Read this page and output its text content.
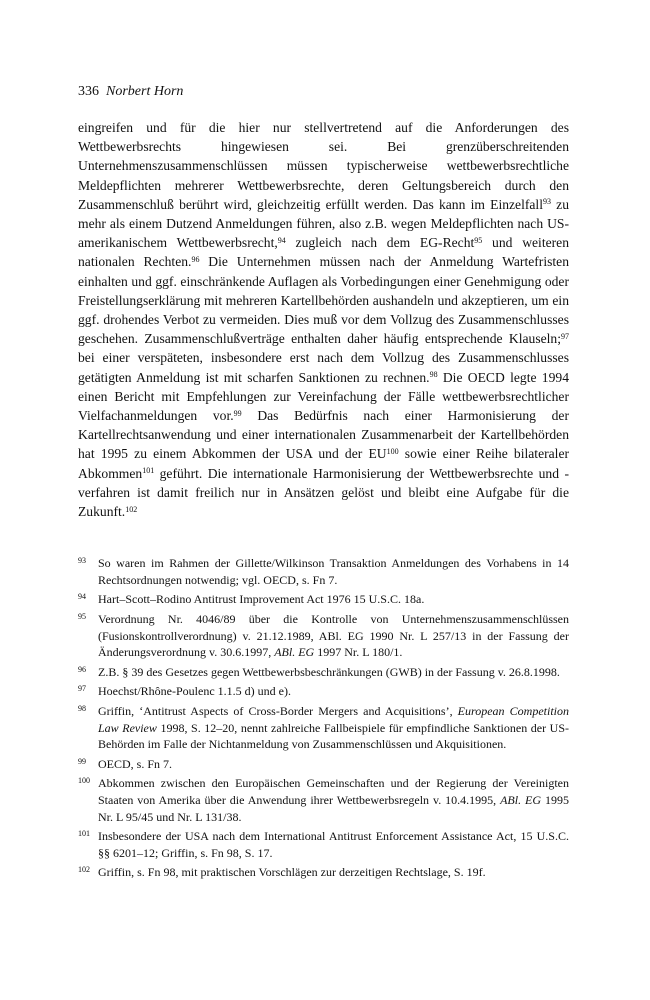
336 Norbert Horn

eingreifen und für die hier nur stellvertretend auf die Anforderungen des Wettbewerbsrechts hingewiesen sei. Bei grenzüberschreitenden Unternehmenszusammenschlüssen müssen typischerweise wettbewerbsrechtliche Meldepflichten mehrerer Wettbewerbsrechte, deren Geltungsbereich durch den Zusammenschluß berührt wird, gleichzeitig erfüllt werden. Das kann im Einzelfall$^{93}$ zu mehr als einem Dutzend Anmeldungen führen, also z.B. wegen Meldepflichten nach US-amerikanischem Wettbewerbsrecht,$^{94}$ zugleich nach dem EG-Recht$^{95}$ und weiteren nationalen Rechten.$^{96}$ Die Unternehmen müssen nach der Anmeldung Wartefristen einhalten und ggf. einschränkende Auflagen als Vorbedingungen einer Genehmigung oder Freistellungserklärung mit mehreren Kartellbehörden aushandeln und akzeptieren, um ein ggf. drohendes Verbot zu vermeiden. Dies muß vor dem Vollzug des Zusammenschlusses geschehen. Zusammenschlußverträge enthalten daher häufig entsprechende Klauseln;$^{97}$ bei einer verspäteten, insbesondere erst nach dem Vollzug des Zusammenschlusses getätigten Anmeldung ist mit scharfen Sanktionen zu rechnen.$^{98}$ Die OECD legte 1994 einen Bericht mit Empfehlungen zur Vereinfachung der Fälle wettbewerbsrechtlicher Vielfachanmeldungen vor.$^{99}$ Das Bedürfnis nach einer Harmonisierung der Kartellrechtsanwendung und einer internationalen Zusammenarbeit der Kartellbehörden hat 1995 zu einem Abkommen der USA und der EU$^{100}$ sowie einer Reihe bilateraler Abkommen$^{101}$ geführt. Die internationale Harmonisierung der Wettbewerbsrechte und -verfahren ist damit freilich nur in Ansätzen gelöst und bleibt eine Aufgabe für die Zukunft.$^{102}$

93	So waren im Rahmen der Gillette/Wilkinson Transaktion Anmeldungen des Vorhabens in 14 Rechtsordnungen notwendig; vgl. OECD, s. Fn 7.
94	Hart–Scott–Rodino Antitrust Improvement Act 1976 15 U.S.C. 18a.
95	Verordnung Nr. 4046/89 über die Kontrolle von Unternehmenszusammenschlüssen (Fusionskontrollverordnung) v. 21.12.1989, ABl. EG 1990 Nr. L 257/13 in der Fassung der Änderungsverordnung v. 30.6.1997, ABl. EG 1997 Nr. L 180/1.
96	Z.B. § 39 des Gesetzes gegen Wettbewerbsbeschränkungen (GWB) in der Fassung v. 26.8.1998.
97	Hoechst/Rhône-Poulenc 1.1.5 d) und e).
98	Griffin, ‘Antitrust Aspects of Cross-Border Mergers and Acquisitions’, European Competition Law Review 1998, S. 12–20, nennt zahlreiche Fallbeispiele für empfindliche Sanktionen der US-Behörden im Falle der Nichtanmeldung von Zusammenschlüssen und Akquisitionen.
99	OECD, s. Fn 7.
100 Abkommen zwischen den Europäischen Gemeinschaften und der Regierung der Vereinigten Staaten von Amerika über die Anwendung ihrer Wettbewerbsregeln v. 10.4.1995, ABl. EG 1995 Nr. L 95/45 und Nr. L 131/38.
101 Insbesondere der USA nach dem International Antitrust Enforcement Assistance Act, 15 U.S.C. §§ 6201–12; Griffin, s. Fn 98, S. 17.
102 Griffin, s. Fn 98, mit praktischen Vorschlägen zur derzeitigen Rechtslage, S. 19f.
